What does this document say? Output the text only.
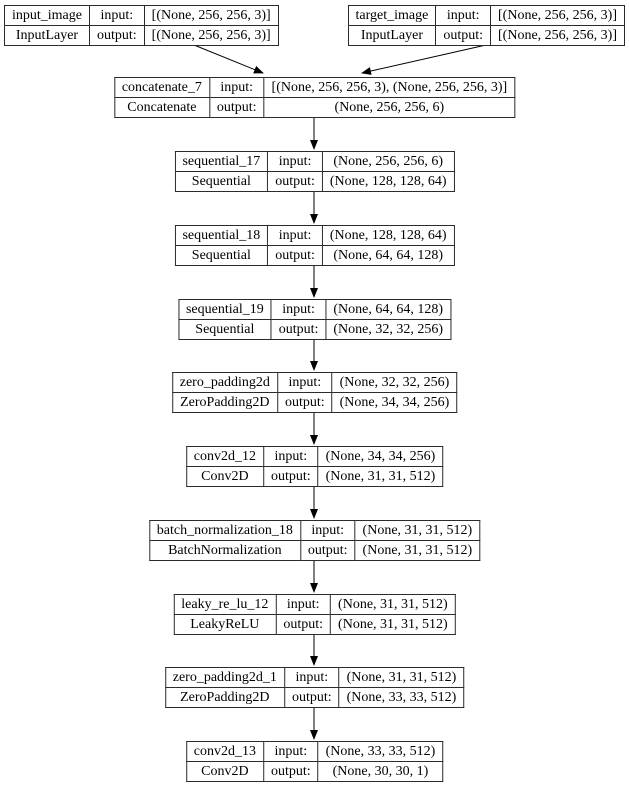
input_image	input:	[(None, 256, 256, 3)]
InputLayer	output:	[(None, 256, 256, 3)]
target_image	input:	[(None, 256, 256, 3)]
InputLayer	output:	[(None, 256, 256, 3)]
concatenate_7	input:	[(None, 256, 256, 3), (None, 256, 256, 3)]
Concatenate	output:	(None, 256, 256, 6)
sequential_17	input:	(None, 256, 256, 6)
Sequential	output:	(None, 128, 128, 64)
sequential_18	input:	(None, 128, 128, 64)
Sequential	output:	(None, 64, 64, 128)
sequential_19	input:	(None, 64, 64, 128)
Sequential	output:	(None, 32, 32, 256)
zero_padding2d	input:	(None, 32, 32, 256)
ZeroPadding2D	output:	(None, 34, 34, 256)
conv2d_12	input:	(None, 34, 34, 256)
Conv2D	output:	(None, 31, 31, 512)
batch_normalization_18	input:	(None, 31, 31, 512)
BatchNormalization	output:	(None, 31, 31, 512)
leaky_re_lu_12	input:	(None, 31, 31, 512)
LeakyReLU	output:	(None, 31, 31, 512)
zero_padding2d_1	input:	(None, 31, 31, 512)
ZeroPadding2D	output:	(None, 33, 33, 512)
conv2d_13	input:	(None, 33, 33, 512)
Conv2D	output:	(None, 30, 30, 1)
